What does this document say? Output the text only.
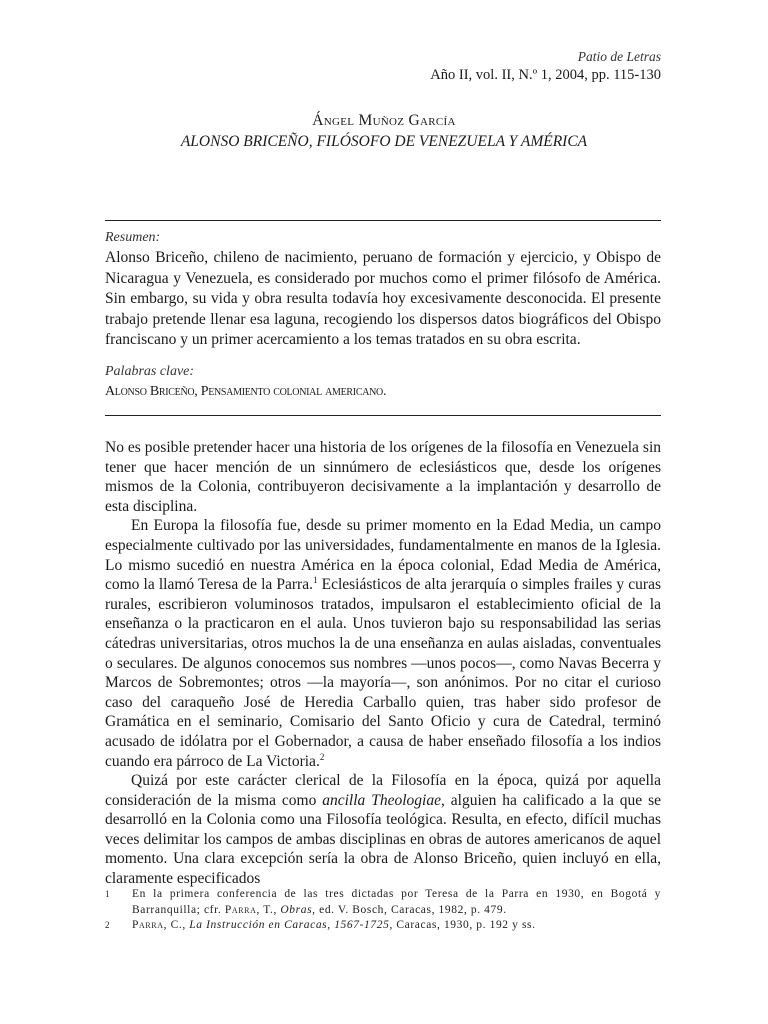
Patio de Letras
Año II, vol. II, N.º 1, 2004, pp. 115-130
Ángel Muñoz García
ALONSO BRICEÑO, FILÓSOFO DE VENEZUELA Y AMÉRICA
Resumen:
Alonso Briceño, chileno de nacimiento, peruano de formación y ejercicio, y Obispo de Nicaragua y Venezuela, es considerado por muchos como el primer filósofo de América. Sin embargo, su vida y obra resulta todavía hoy excesivamente desconocida. El presente trabajo pretende llenar esa laguna, recogiendo los dispersos datos biográficos del Obispo franciscano y un primer acercamiento a los temas tratados en su obra escrita.
Palabras clave:
Alonso Briceño, Pensamiento colonial americano.

No es posible pretender hacer una historia de los orígenes de la filosofía en Venezuela sin tener que hacer mención de un sinnúmero de eclesiásticos que, desde los orígenes mismos de la Colonia, contribuyeron decisivamente a la implantación y desarrollo de esta disciplina.

En Europa la filosofía fue, desde su primer momento en la Edad Media, un campo especialmente cultivado por las universidades, fundamentalmente en manos de la Iglesia. Lo mismo sucedió en nuestra América en la época colonial, Edad Media de América, como la llamó Teresa de la Parra.$^1$ Eclesiásticos de alta jerarquía o simples frailes y curas rurales, escribieron voluminosos tratados, impulsaron el establecimiento oficial de la enseñanza o la practicaron en el aula. Unos tuvieron bajo su responsabilidad las serias cátedras universitarias, otros muchos la de una enseñanza en aulas aisladas, conventuales o seculares. De algunos conocemos sus nombres —unos pocos—, como Navas Becerra y Marcos de Sobremontes; otros —la mayoría—, son anónimos. Por no citar el curioso caso del caraqueño José de Heredia Carballo quien, tras haber sido profesor de Gramática en el seminario, Comisario del Santo Oficio y cura de Catedral, terminó acusado de idólatra por el Gobernador, a causa de haber enseñado filosofía a los indios cuando era párroco de La Victoria.$^2$

Quizá por este carácter clerical de la Filosofía en la época, quizá por aquella consideración de la misma como ancilla Theologiae, alguien ha calificado a la que se desarrolló en la Colonia como una Filosofía teológica. Resulta, en efecto, difícil muchas veces delimitar los campos de ambas disciplinas en obras de autores americanos de aquel momento. Una clara excepción sería la obra de Alonso Briceño, quien incluyó en ella, claramente especificados

1	En la primera conferencia de las tres dictadas por Teresa de la Parra en 1930, en Bogotá y Barranquilla; cfr. Parra, T., Obras, ed. V. Bosch, Caracas, 1982, p. 479.
2	Parra, C., La Instrucción en Caracas, 1567-1725, Caracas, 1930, p. 192 y ss.
